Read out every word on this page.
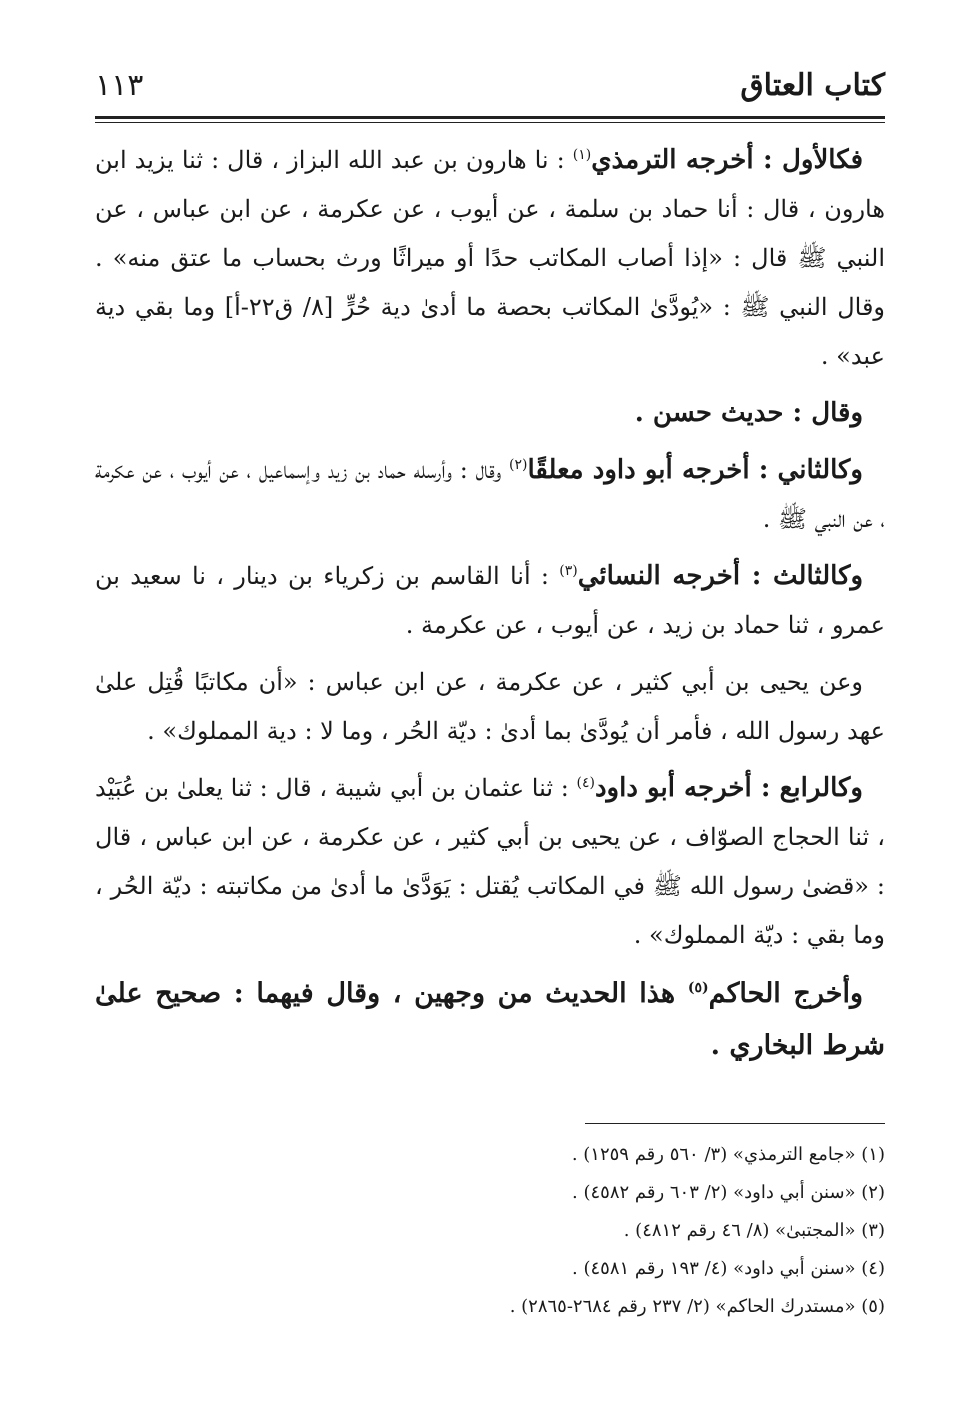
كتاب العتاق
١١٣

فكالأول : أخرجه الترمذي$^{(١)}$ : نا هارون بن عبد الله البزاز ، قال : ثنا يزيد ابن هارون ، قال : أنا حماد بن سلمة ، عن أيوب ، عن عكرمة ، عن ابن عباس ، عن النبي ﷺ قال : «إذا أصاب المكاتب حدًا أو ميراثًا ورث بحساب ما عتق منه» . وقال النبي ﷺ : «يُودَّىٰ المكاتب بحصة ما أدىٰ دية حُرٍّ [٨/ ق٢٢-أ] وما بقي دية عبد» .

وقال : حديث حسن .

وكالثاني : أخرجه أبو داود معلقًا$^{(٢)}$ وقال : وأرسله حماد بن زيد وإسماعيل ، عن أيوب ، عن عكرمة ، عن النبي ﷺ .

وكالثالث : أخرجه النسائي$^{(٣)}$ : أنا القاسم بن زكرياء بن دينار ، نا سعيد بن عمرو ، ثنا حماد بن زيد ، عن أيوب ، عن عكرمة .

وعن يحيى بن أبي كثير ، عن عكرمة ، عن ابن عباس : «أن مكاتبًا قُتِل علىٰ عهد رسول الله ، فأمر أن يُودَّىٰ بما أدىٰ : ديّة الحُر ، وما لا : دية المملوك» .

وكالرابع : أخرجه أبو داود$^{(٤)}$ : ثنا عثمان بن أبي شيبة ، قال : ثنا يعلىٰ بن عُبَيْد ، ثنا الحجاج الصوّاف ، عن يحيى بن أبي كثير ، عن عكرمة ، عن ابن عباس ، قال : «قضىٰ رسول الله ﷺ في المكاتب يُقتل : يَوَدَّىٰ ما أدىٰ من مكاتبته : ديّة الحُر ، وما بقي : ديّة المملوك» .

وأخرج الحاكم$^{(٥)}$ هذا الحديث من وجهين ، وقال فيهما : صحيح علىٰ شرط البخاري .

(١) «جامع الترمذي» (٣/ ٥٦٠ رقم ١٢٥٩) .
(٢) «سنن أبي داود» (٢/ ٦٠٣ رقم ٤٥٨٢) .
(٣) «المجتبىٰ» (٨/ ٤٦ رقم ٤٨١٢) .
(٤) «سنن أبي داود» (٤/ ١٩٣ رقم ٤٥٨١) .
(٥) «مستدرك الحاكم» (٢/ ٢٣٧ رقم ٢٦٨٤-٢٨٦٥) .
